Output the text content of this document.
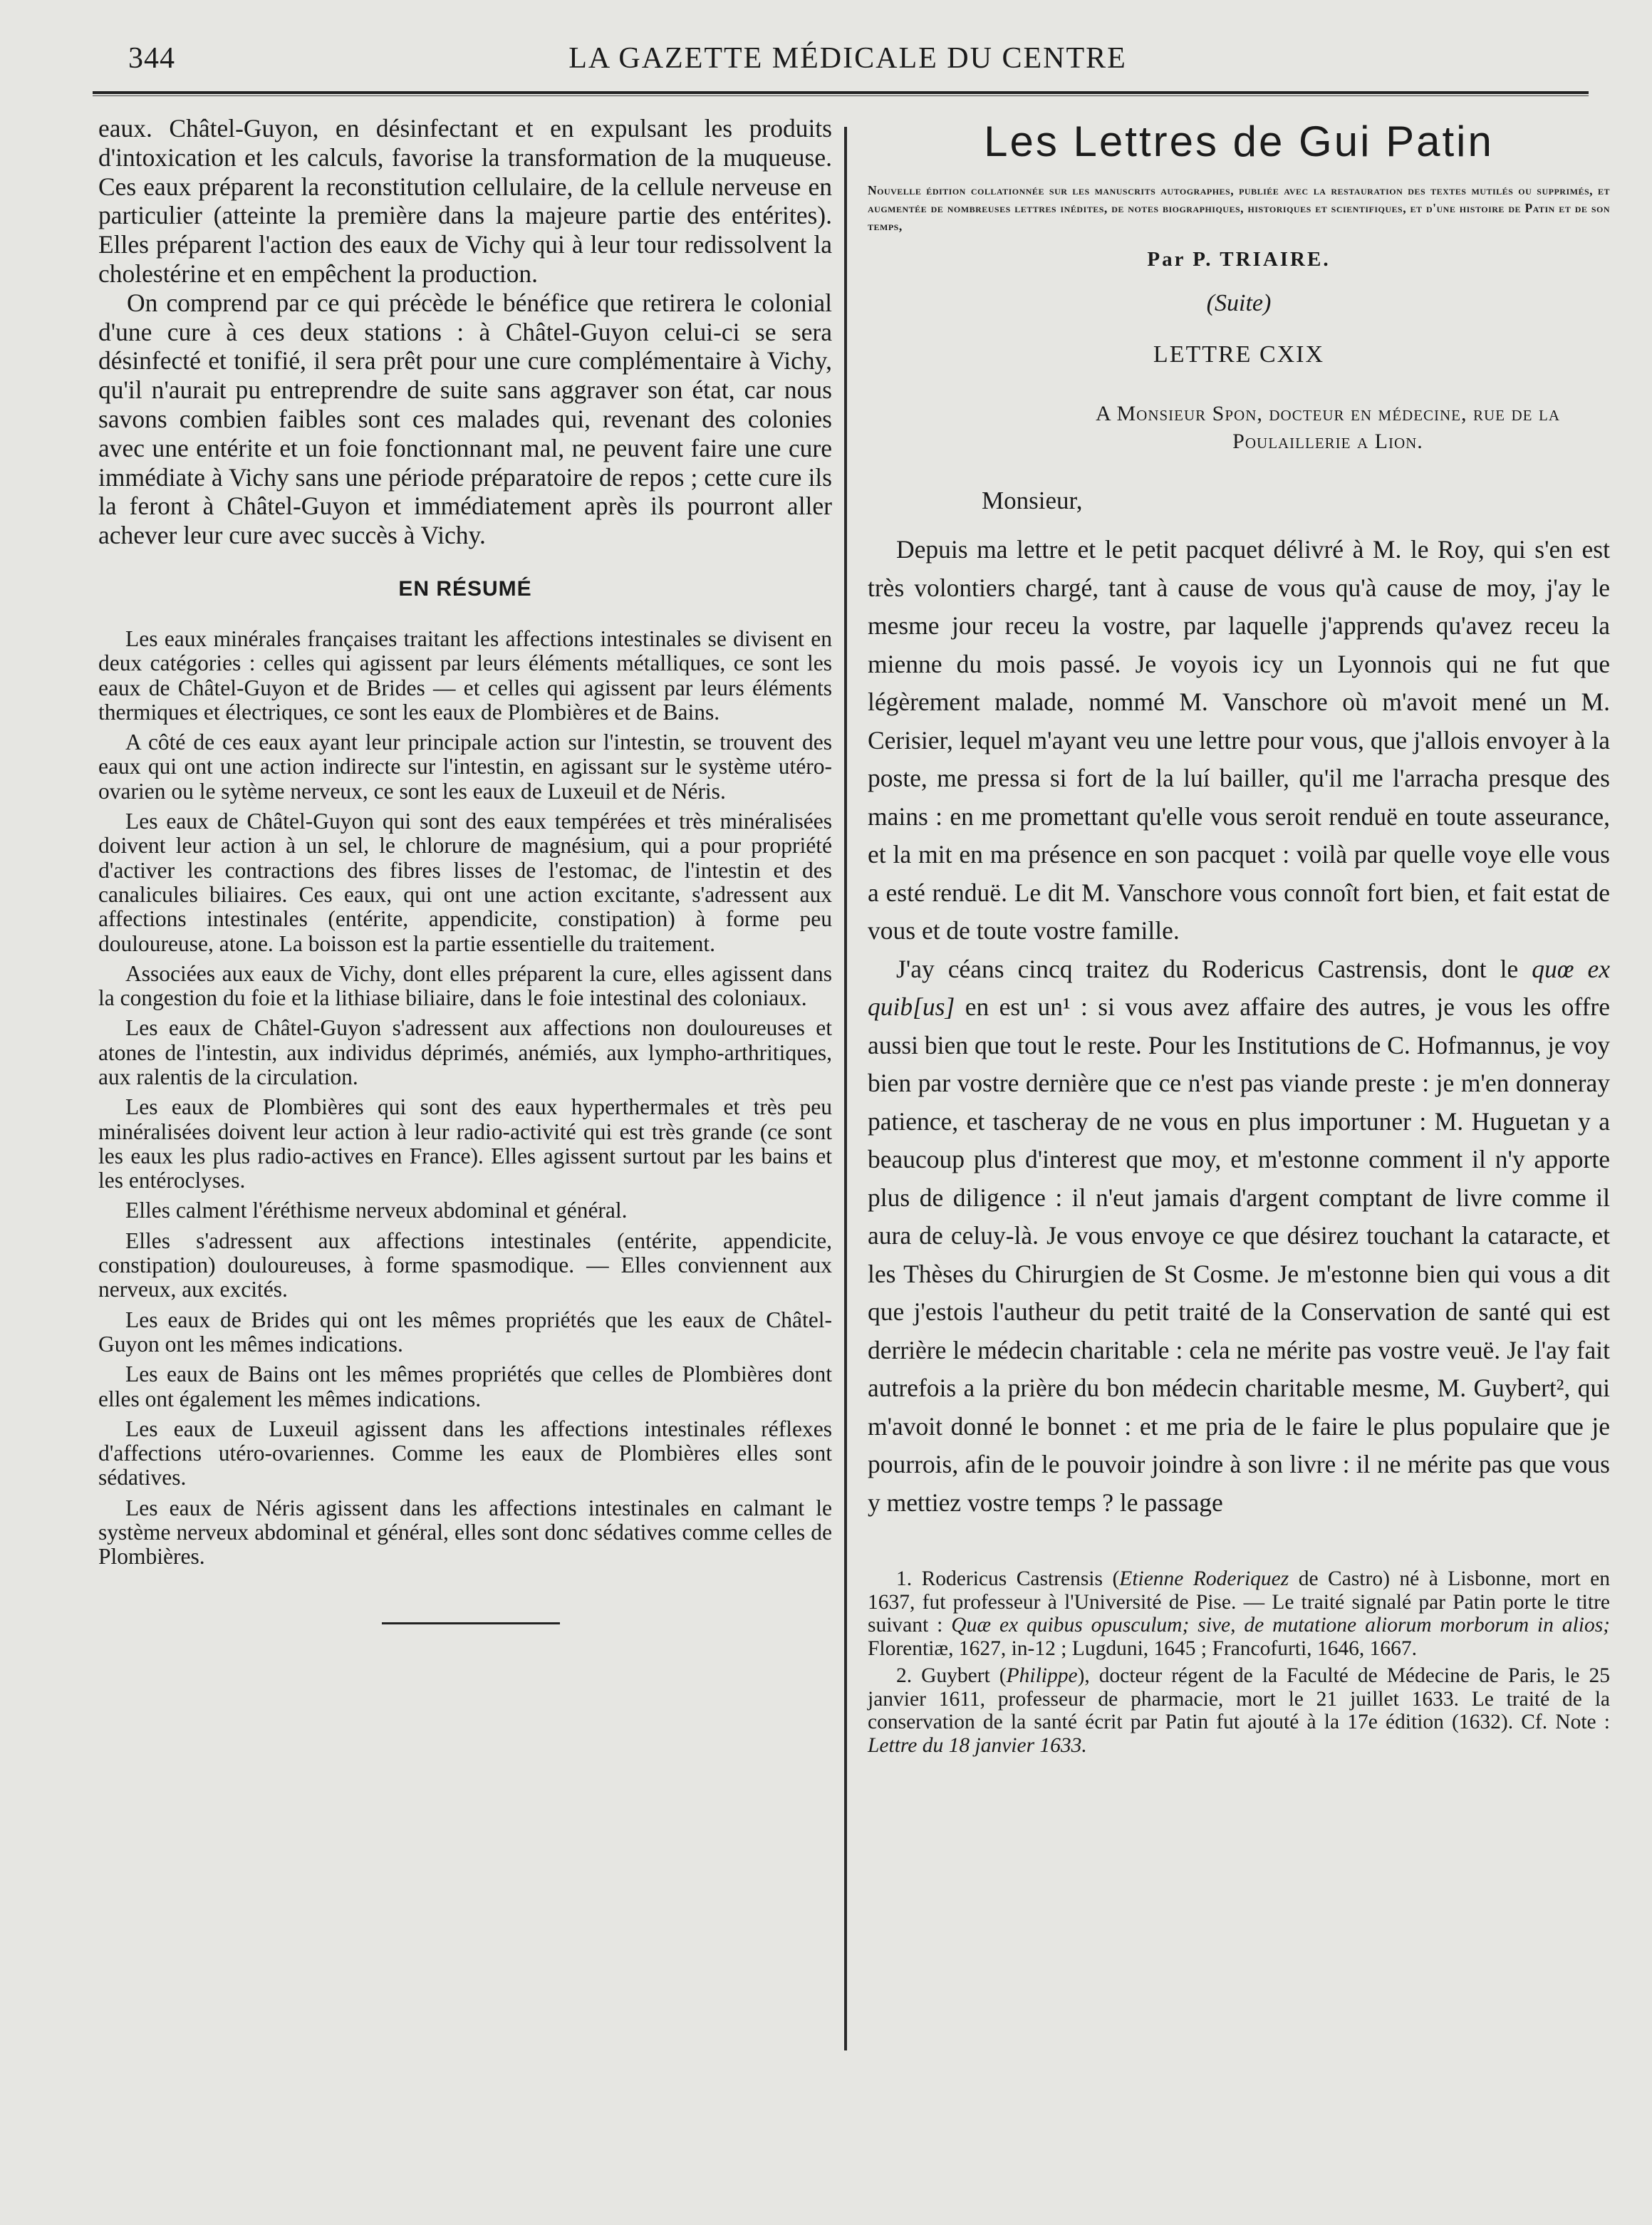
344	LA GAZETTE MÉDICALE DU CENTRE

eaux. Châtel-Guyon, en désinfectant et en expulsant les produits d'intoxication et les calculs, favorise la transformation de la muqueuse. Ces eaux préparent la reconstitution cellulaire, de la cellule nerveuse en particulier (atteinte la première dans la majeure partie des entérites). Elles préparent l'action des eaux de Vichy qui à leur tour redissolvent la cholestérine et en empêchent la production.

On comprend par ce qui précède le bénéfice que retirera le colonial d'une cure à ces deux stations : à Châtel-Guyon celui-ci se sera désinfecté et tonifié, il sera prêt pour une cure complémentaire à Vichy, qu'il n'aurait pu entreprendre de suite sans aggraver son état, car nous savons combien faibles sont ces malades qui, revenant des colonies avec une entérite et un foie fonctionnant mal, ne peuvent faire une cure immédiate à Vichy sans une période préparatoire de repos ; cette cure ils la feront à Châtel-Guyon et immédiatement après ils pourront aller achever leur cure avec succès à Vichy.

EN RÉSUMÉ

Les eaux minérales françaises traitant les affections intestinales se divisent en deux catégories : celles qui agissent par leurs éléments métalliques, ce sont les eaux de Châtel-Guyon et de Brides — et celles qui agissent par leurs éléments thermiques et électriques, ce sont les eaux de Plombières et de Bains.

A côté de ces eaux ayant leur principale action sur l'intestin, se trouvent des eaux qui ont une action indirecte sur l'intestin, en agissant sur le système utéro-ovarien ou le sytème nerveux, ce sont les eaux de Luxeuil et de Néris.

Les eaux de Châtel-Guyon qui sont des eaux tempérées et très minéralisées doivent leur action à un sel, le chlorure de magnésium, qui a pour propriété d'activer les contractions des fibres lisses de l'estomac, de l'intestin et des canalicules biliaires. Ces eaux, qui ont une action excitante, s'adressent aux affections intestinales (entérite, appendicite, constipation) à forme peu douloureuse, atone. La boisson est la partie essentielle du traitement.

Associées aux eaux de Vichy, dont elles préparent la cure, elles agissent dans la congestion du foie et la lithiase biliaire, dans le foie intestinal des coloniaux.

Les eaux de Châtel-Guyon s'adressent aux affections non douloureuses et atones de l'intestin, aux individus déprimés, anémiés, aux lympho-arthritiques, aux ralentis de la circulation.

Les eaux de Plombières qui sont des eaux hyperthermales et très peu minéralisées doivent leur action à leur radio-activité qui est très grande (ce sont les eaux les plus radio-actives en France). Elles agissent surtout par les bains et les entéroclyses.

Elles calment l'éréthisme nerveux abdominal et général.

Elles s'adressent aux affections intestinales (entérite, appendicite, constipation) douloureuses, à forme spasmodique. — Elles conviennent aux nerveux, aux excités.

Les eaux de Brides qui ont les mêmes propriétés que les eaux de Châtel-Guyon ont les mêmes indications.

Les eaux de Bains ont les mêmes propriétés que celles de Plombières dont elles ont également les mêmes indications.

Les eaux de Luxeuil agissent dans les affections intestinales réflexes d'affections utéro-ovariennes. Comme les eaux de Plombières elles sont sédatives.

Les eaux de Néris agissent dans les affections intestinales en calmant le système nerveux abdominal et général, elles sont donc sédatives comme celles de Plombières.

Les Lettres de Gui Patin

Nouvelle édition collationnée sur les manuscrits autographes, publiée avec la restauration des textes mutilés ou supprimés, et augmentée de nombreuses lettres inédites, de notes biographiques, historiques et scientifiques, et d'une histoire de Patin et de son temps,

Par P. TRIAIRE.
(Suite)
LETTRE CXIX
A Monsieur Spon, docteur en médecine, rue de la Poulaillerie a Lion.
Monsieur,

Depuis ma lettre et le petit pacquet délivré à M. le Roy, qui s'en est très volontiers chargé, tant à cause de vous qu'à cause de moy, j'ay le mesme jour receu la vostre, par laquelle j'apprends qu'avez receu la mienne du mois passé. Je voyois icy un Lyonnois qui ne fut que légèrement malade, nommé M. Vanschore où m'avoit mené un M. Cerisier, lequel m'ayant veu une lettre pour vous, que j'allois envoyer à la poste, me pressa si fort de la luí bailler, qu'il me l'arracha presque des mains : en me promettant qu'elle vous seroit renduë en toute asseurance, et la mit en ma présence en son pacquet : voilà par quelle voye elle vous a esté renduë. Le dit M. Vanschore vous connoît fort bien, et fait estat de vous et de toute vostre famille.

J'ay céans cincq traitez du Rodericus Castrensis, dont le quœ ex quib[us] en est un¹ : si vous avez affaire des autres, je vous les offre aussi bien que tout le reste. Pour les Institutions de C. Hofmannus, je voy bien par vostre dernière que ce n'est pas viande preste : je m'en donneray patience, et tascheray de ne vous en plus importuner : M. Huguetan y a beaucoup plus d'interest que moy, et m'estonne comment il n'y apporte plus de diligence : il n'eut jamais d'argent comptant de livre comme il aura de celuy-là. Je vous envoye ce que désirez touchant la cataracte, et les Thèses du Chirurgien de St Cosme. Je m'estonne bien qui vous a dit que j'estois l'autheur du petit traité de la Conservation de santé qui est derrière le médecin charitable : cela ne mérite pas vostre veuë. Je l'ay fait autrefois a la prière du bon médecin charitable mesme, M. Guybert², qui m'avoit donné le bonnet : et me pria de le faire le plus populaire que je pourrois, afin de le pouvoir joindre à son livre : il ne mérite pas que vous y mettiez vostre temps ? le passage

1. Rodericus Castrensis (Etienne Roderiquez de Castro) né à Lisbonne, mort en 1637, fut professeur à l'Université de Pise. — Le traité signalé par Patin porte le titre suivant : Quæ ex quibus opusculum; sive, de mutatione aliorum morborum in alios; Florentiæ, 1627, in-12 ; Lugduni, 1645 ; Francofurti, 1646, 1667.

2. Guybert (Philippe), docteur régent de la Faculté de Médecine de Paris, le 25 janvier 1611, professeur de pharmacie, mort le 21 juillet 1633. Le traité de la conservation de la santé écrit par Patin fut ajouté à la 17e édition (1632). Cf. Note : Lettre du 18 janvier 1633.
